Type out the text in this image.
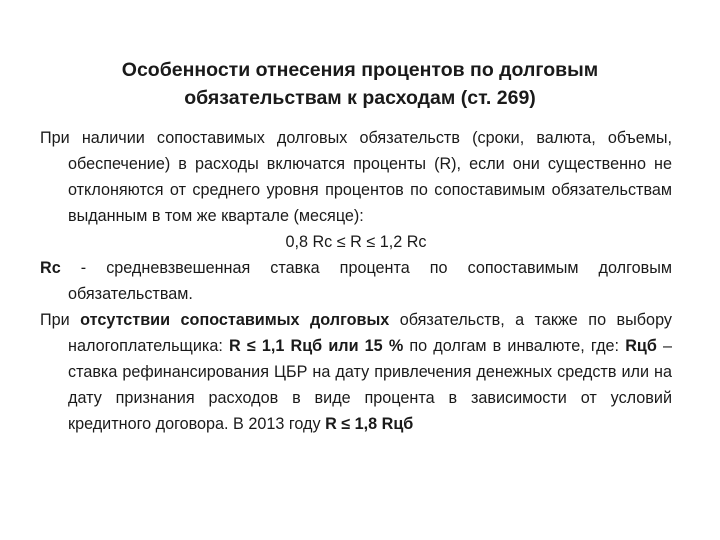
Особенности отнесения процентов по долговым
обязательствам к расходам (ст. 269)

При наличии сопоставимых долговых обязательств (сроки, валюта, объемы, обеспечение) в расходы включатся проценты (R), если они существенно не отклоняются от среднего уровня процентов по сопоставимым обязательствам выданным в том же квартале (месяце):

0,8 Rc ≤ R ≤ 1,2 Rc

Rc - средневзвешенная ставка процента по сопоставимым долговым обязательствам.

При отсутствии сопоставимых долговых обязательств, а также по выбору налогоплательщика: R ≤ 1,1 Rцб или 15 % по долгам в инвалюте, где: Rцб – ставка рефинансирования ЦБР на дату привлечения денежных средств или на дату признания расходов в виде процента в зависимости от условий кредитного договора. В 2013 году R ≤ 1,8 Rцб
